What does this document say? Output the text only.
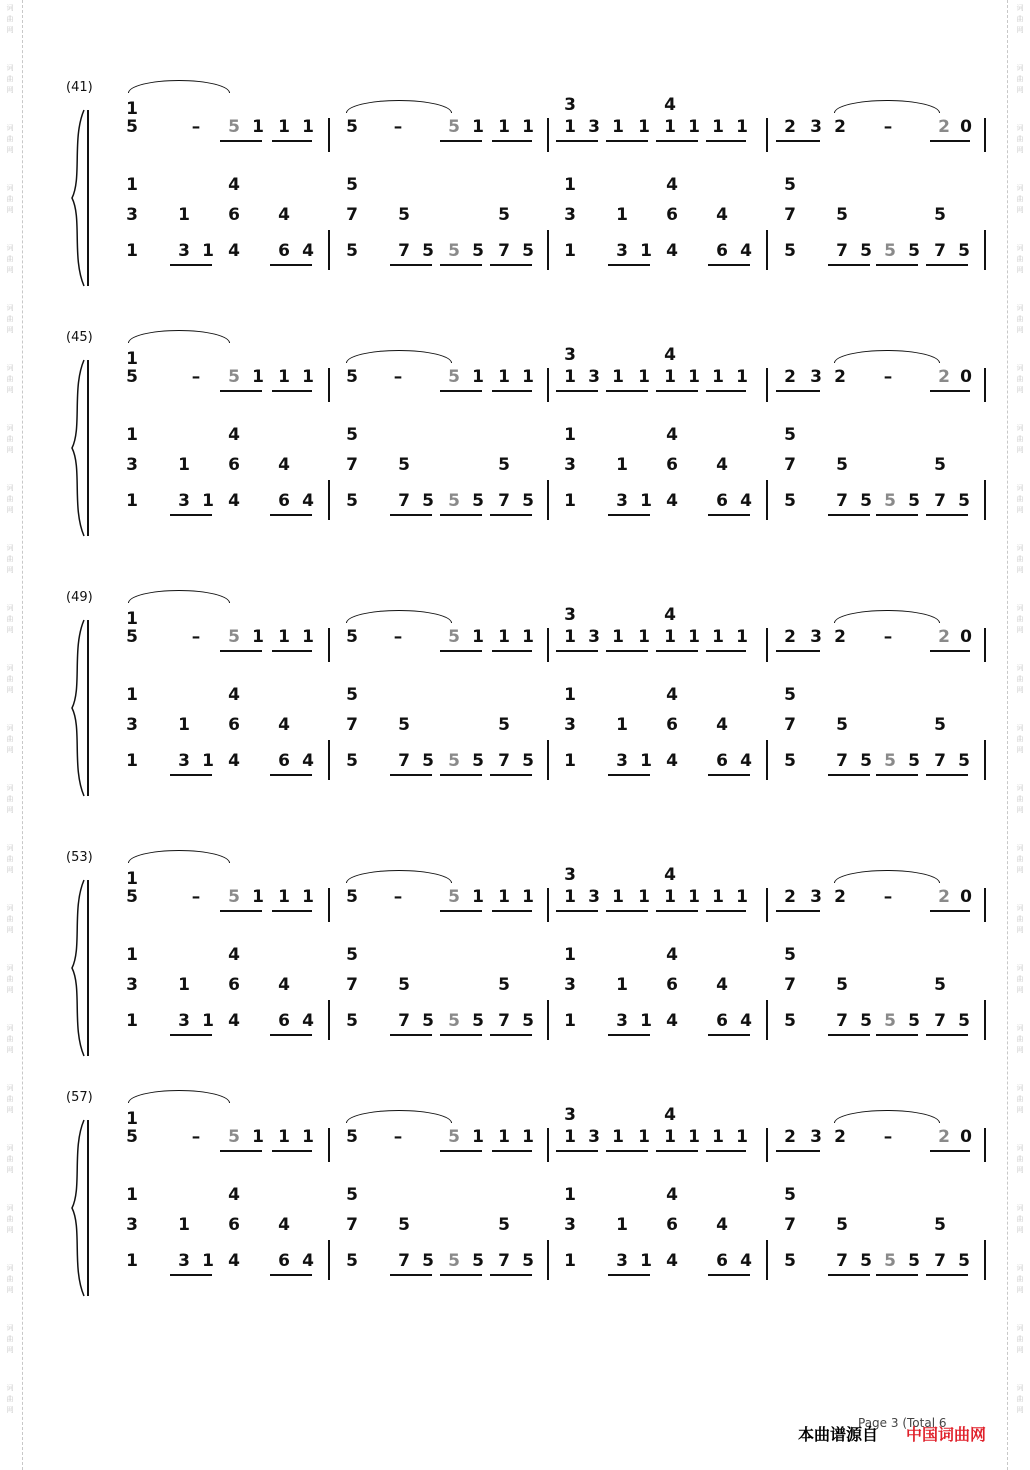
词
曲
网
词
曲
网
词
曲
网
词
曲
网
词
曲
网
词
曲
网
词
曲
网
词
曲
网
词
曲
网
词
曲
网
词
曲
网
词
曲
网
词
曲
网
词
曲
网
词
曲
网
词
曲
网
词
曲
网
词
曲
网
词
曲
网
词
曲
网
词
曲
网
词
曲
网
词
曲
网
词
曲
网
词
曲
网
词
曲
网
词
曲
网
词
曲
网
词
曲
网
词
曲
网
词
曲
网
词
曲
网
词
曲
网
词
曲
网
词
曲
网
词
曲
网
词
曲
网
词
曲
网
词
曲
网
词
曲
网
词
曲
网
词
曲
网
词
曲
网
词
曲
网
词
曲
网
词
曲
网
词
曲
网
词
曲
网
(41)
1
5	– 5 1 1 1 5 –	5 1 1 1
3
1 3 1 1
4
1 1 1 1 2 3 2 –	2 0
1
3
1
1
3 1
4
6
4
4
6 4
5
7
5
5
7 5 5 5
5
7 5
1
3
1
1
3 1
4
6
4
4
6 4
5
7
5
5
7 5 5 5
5
7 5
(45)
1
5	– 5 1 1 1 5 –	5 1 1 1
3
1 3 1 1
4
1 1 1 1 2 3 2 –	2 0
1
3
1
1
3 1
4
6
4
4
6 4
5
7
5
5
7 5 5 5
5
7 5
1
3
1
1
3 1
4
6
4
4
6 4
5
7
5
5
7 5 5 5
5
7 5
(49)
1
5	– 5 1 1 1 5 –	5 1 1 1
3
1 3 1 1
4
1 1 1 1 2 3 2 –	2 0
1
3
1
1
3 1
4
6
4
4
6 4
5
7
5
5
7 5 5 5
5
7 5
1
3
1
1
3 1
4
6
4
4
6 4
5
7
5
5
7 5 5 5
5
7 5
(53)
1
5	– 5 1 1 1 5 –	5 1 1 1
3
1 3 1 1
4
1 1 1 1 2 3 2 –	2 0
1
3
1
1
3 1
4
6
4
4
6 4
5
7
5
5
7 5 5 5
5
7 5
1
3
1
1
3 1
4
6
4
4
6 4
5
7
5
5
7 5 5 5
5
7 5
(57)
1
5	– 5 1 1 1 5 –	5 1 1 1
3
1 3 1 1
4
1 1 1 1 2 3 2 –	2 0
1
3
1
1
3 1
4
6
4
4
6 4
5
7
5
5
7 5 5 5
5
7 5
1
3
1
1
3 1
4
6
4
4
6 4
5
7
5
5
7 5 5 5
5
7 5
Page 3 (Total 6
本曲谱源自 中国词曲网
